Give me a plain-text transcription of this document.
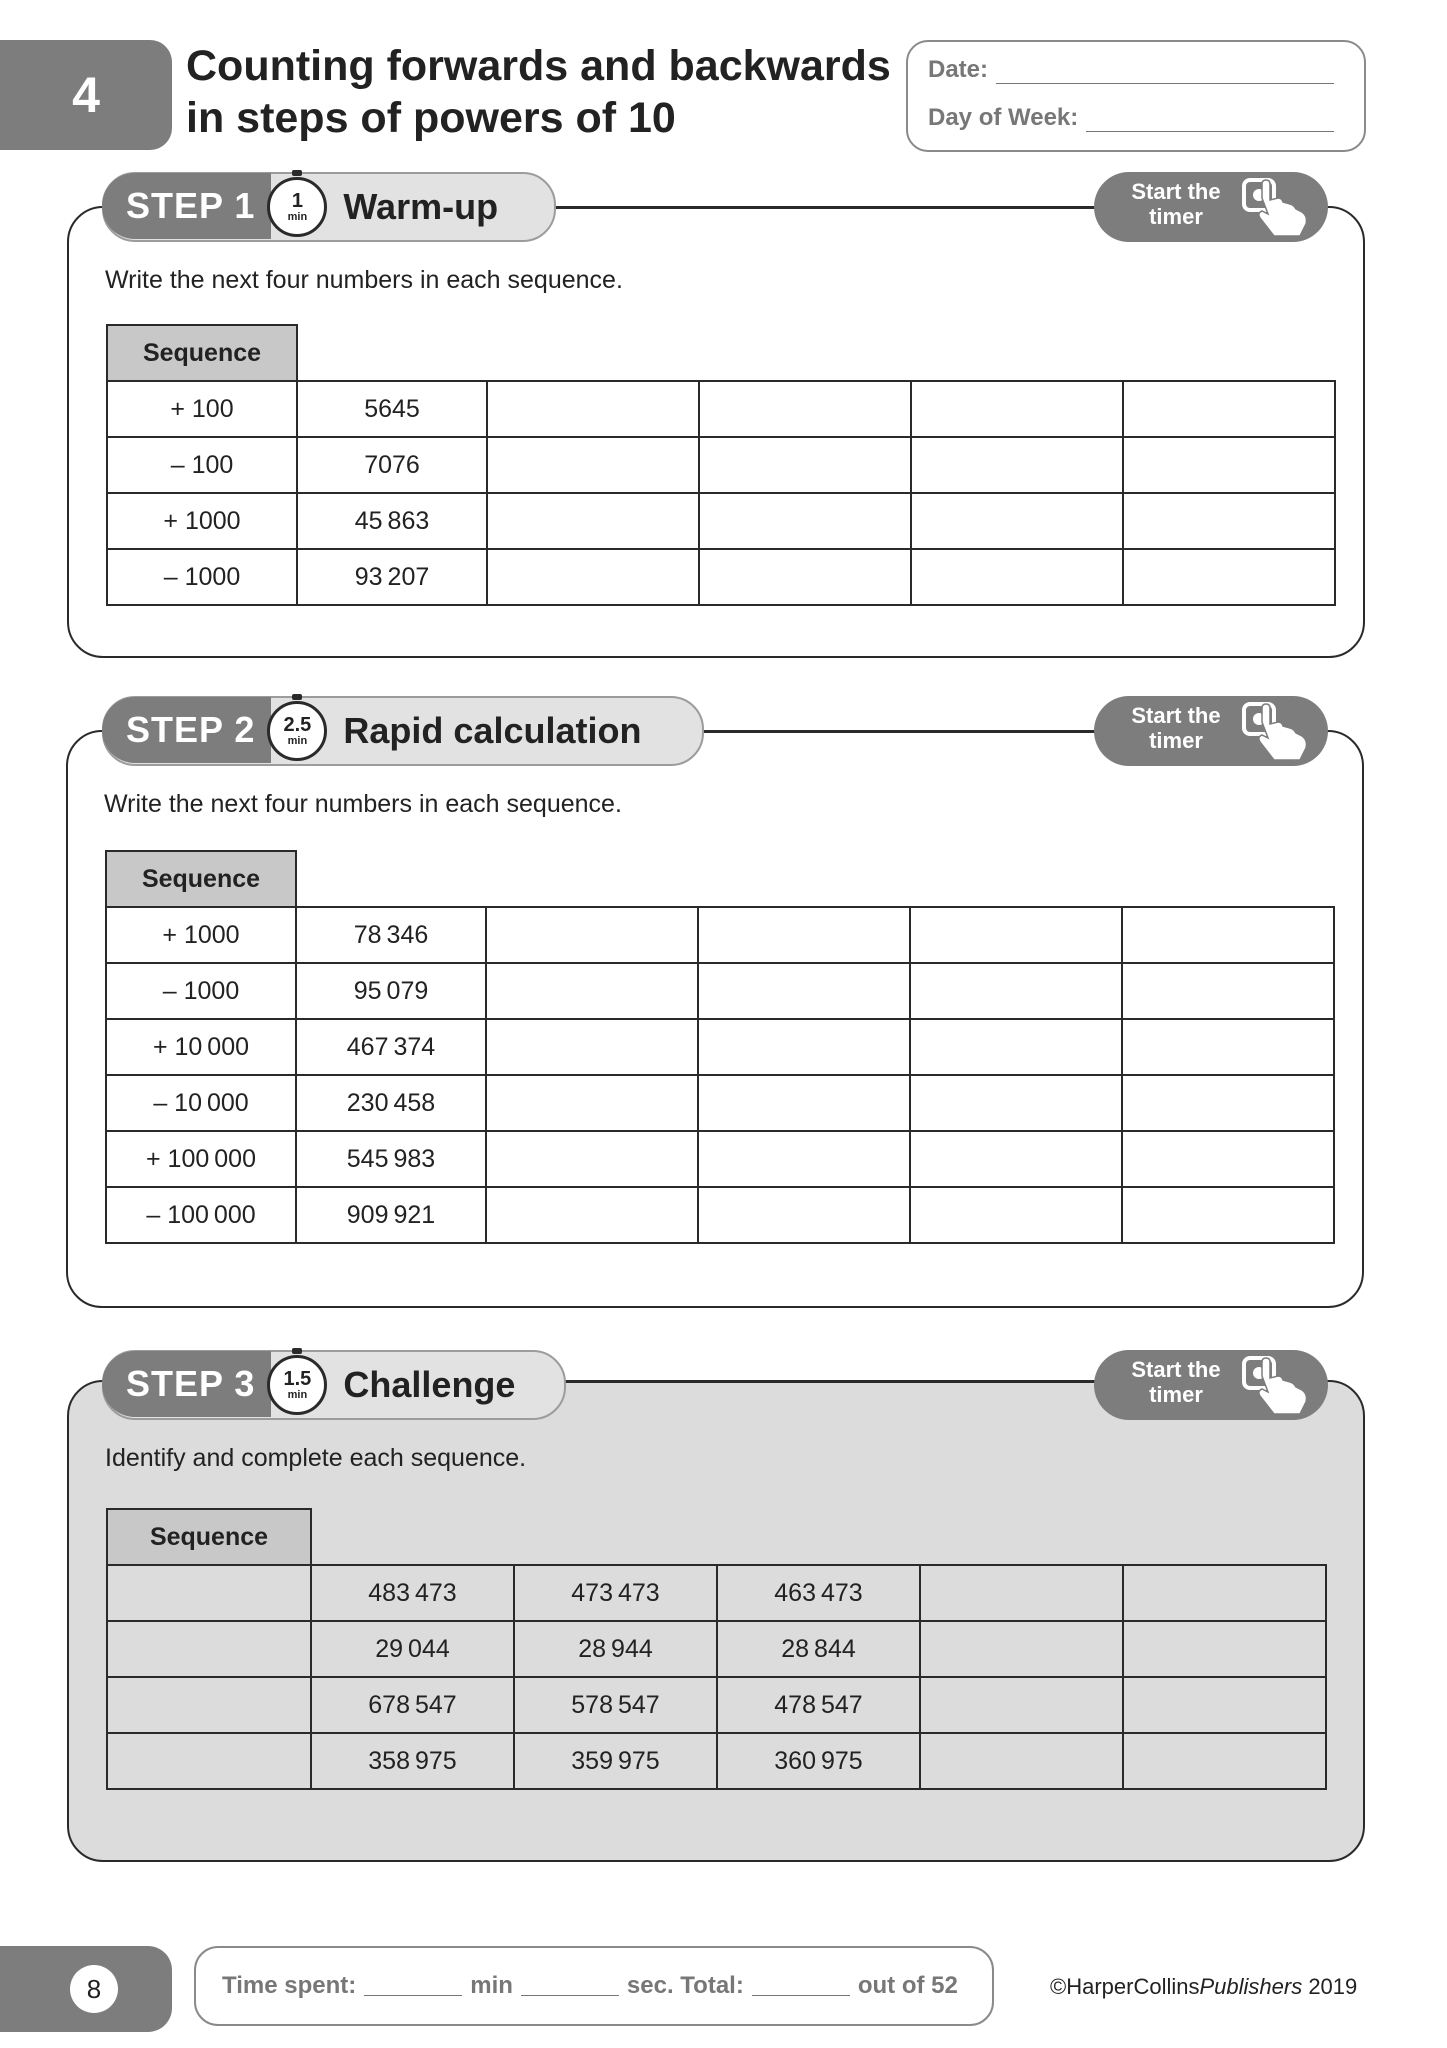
4
Counting forwards and backwards
in steps of powers of 10
Date:
Day of Week:
Write the next four numbers in each sequence.
Sequence					
+ 100	5645				
– 100	7076				
+ 1000	45 863				
– 1000	93 207				
STEP 1	1
min Warm-up	Start the
timer
Write the next four numbers in each sequence.
Sequence					
+ 1000	78 346				
– 1000	95 079				
+ 10 000	467 374				
– 10 000	230 458				
+ 100 000	545 983				
– 100 000	909 921				
STEP 2	2.5
min Rapid calculation	Start the
timer
Identify and complete each sequence.
Sequence					
	483 473	473 473	463 473		
	29 044	28 944	28 844		
	678 547	578 547	478 547		
	358 975	359 975	360 975		
STEP 3	1.5
min Challenge	Start the
timer
8	Time spent:	min	sec. Total:	out of 52	©HarperCollinsPublishers 2019
